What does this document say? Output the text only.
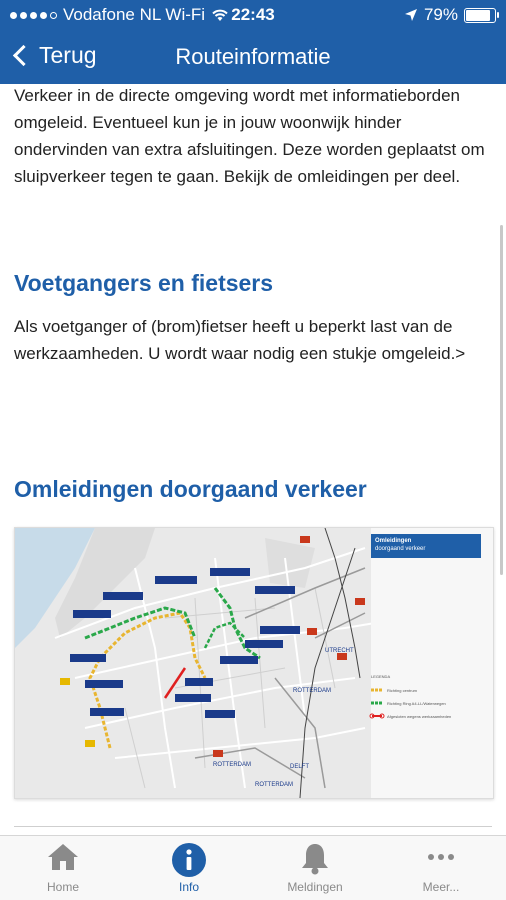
Vodafone NL Wi-Fi	22:43	79%
Terug	Routeinformatie

Verkeer in de directe omgeving wordt met informatieborden omgeleid. Eventueel kun je in jouw woonwijk hinder ondervinden van extra afsluitingen. Deze worden geplaatst om sluipverkeer tegen te gaan. Bekijk de omleidingen per deel.

Voetgangers en fietsers

Als voetganger of (brom)fietser heeft u beperkt last van de werkzaamheden. U wordt waar nodig een stukje omgeleid.>

Omleidingen doorgaand verkeer
UTRECHT
ROTTERDAM
ROTTERDAM	DELFT
ROTTERDAM
Omleidingen
doorgaand verkeer
LEGENDA
Richting centrum
Richting Ring A4-LL/Waterwegen
Afgesloten wegens werkzaamheden
Home	Info	Meldingen	Meer...
